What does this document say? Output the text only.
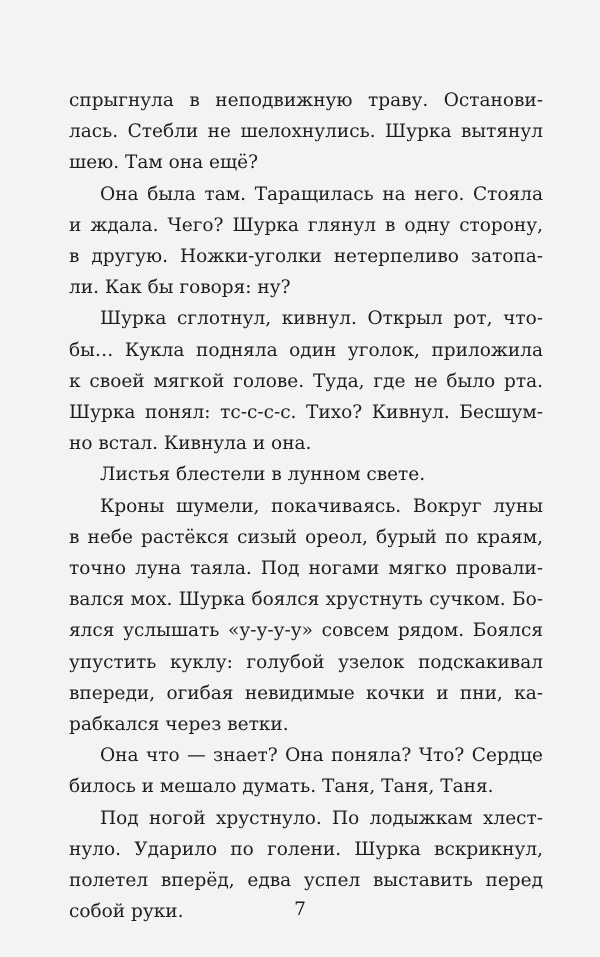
спрыгнула в неподвижную траву. Останови-
лась. Стебли не шелохнулись. Шурка вытянул
шею. Там она ещё?
Она была там. Таращилась на него. Стояла
и ждала. Чего? Шурка глянул в одну сторону,
в другую. Ножки-уголки нетерпеливо затопа-
ли. Как бы говоря: ну?
Шурка сглотнул, кивнул. Открыл рот, что-
бы… Кукла подняла один уголок, приложила
к своей мягкой голове. Туда, где не было рта.
Шурка понял: тс-с-с-с. Тихо? Кивнул. Бесшум-
но встал. Кивнула и она.
Листья блестели в лунном свете.
Кроны шумели, покачиваясь. Вокруг луны
в небе растёкся сизый ореол, бурый по краям,
точно луна таяла. Под ногами мягко провали-
вался мох. Шурка боялся хрустнуть сучком. Бо-
ялся услышать «у-у-у-у» совсем рядом. Боялся
упустить куклу: голубой узелок подскакивал
впереди, огибая невидимые кочки и пни, ка-
рабкался через ветки.
Она что — знает? Она поняла? Что? Сердце
билось и мешало думать. Таня, Таня, Таня.
Под ногой хрустнуло. По лодыжкам хлест-
нуло. Ударило по голени. Шурка вскрикнул,
полетел вперёд, едва успел выставить перед
собой руки.	7
